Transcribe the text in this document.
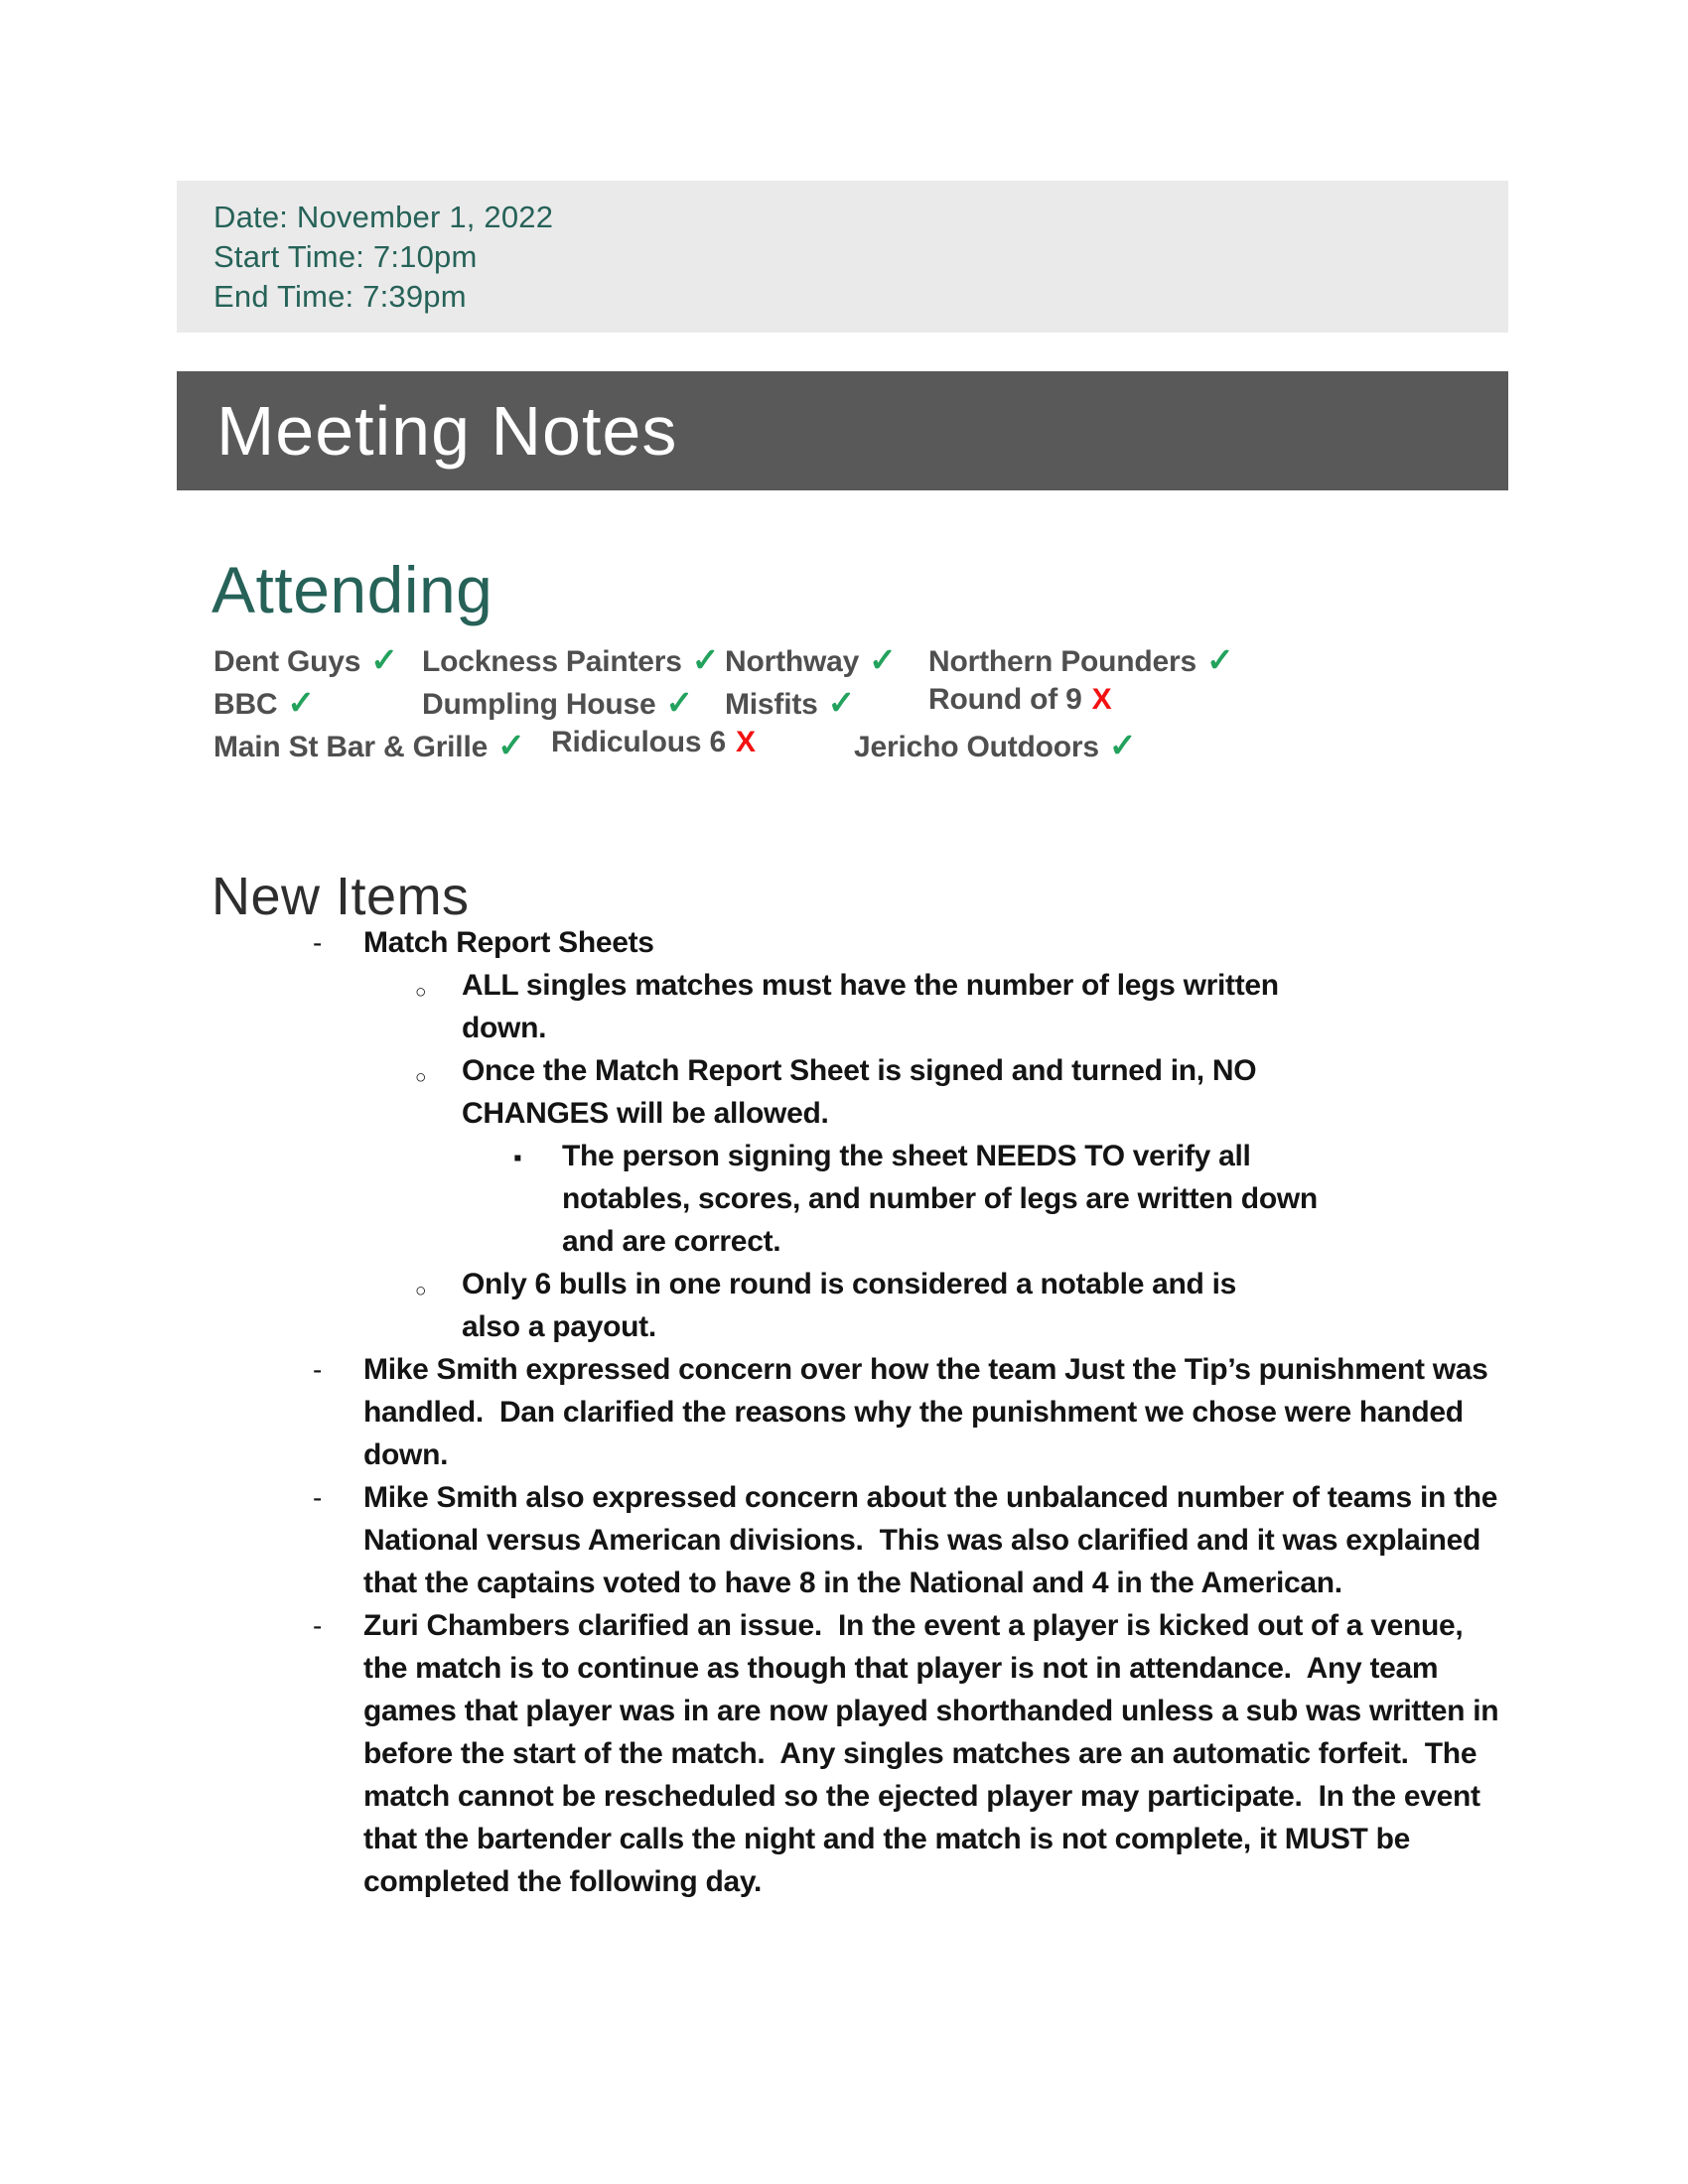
Date: November 1, 2022
Start Time: 7:10pm
End Time: 7:39pm
Meeting Notes
Attending
Dent Guys ✓ Lockness Painters ✓ Northway ✓ Northern Pounders ✓
BBC ✓	Dumpling House ✓ Misfits ✓ Round of 9 X
Main St Bar & Grille ✓ Ridiculous 6 X	Jericho Outdoors ✓
New Items
- Match Report Sheets
○ ALL singles matches must have the number of legs written down.
○ Once the Match Report Sheet is signed and turned in, NO CHANGES will be allowed.
▪ The person signing the sheet NEEDS TO verify all notables, scores, and number of legs are written down and are correct.
○ Only 6 bulls in one round is considered a notable and is also a payout.
- Mike Smith expressed concern over how the team Just the Tip’s punishment was handled.  Dan clarified the reasons why the punishment we chose were handed down.
- Mike Smith also expressed concern about the unbalanced number of teams in the National versus American divisions.  This was also clarified and it was explained that the captains voted to have 8 in the National and 4 in the American.
- Zuri Chambers clarified an issue.  In the event a player is kicked out of a venue, the match is to continue as though that player is not in attendance.  Any team games that player was in are now played shorthanded unless a sub was written in before the start of the match.  Any singles matches are an automatic forfeit.  The match cannot be rescheduled so the ejected player may participate.  In the event that the bartender calls the night and the match is not complete, it MUST be completed the following day.
